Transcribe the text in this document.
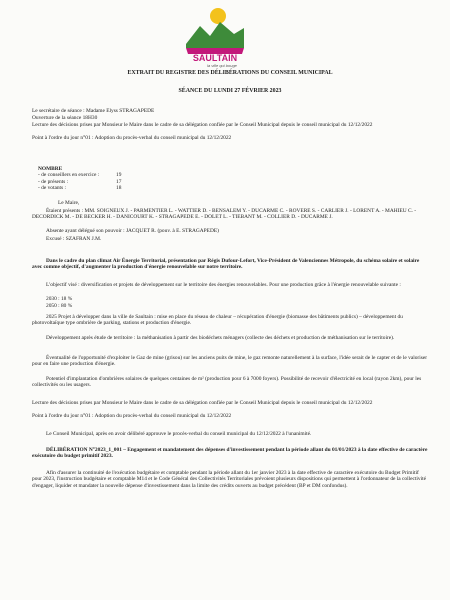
SAULTAIN
la ville qui bouge

EXTRAIT DU REGISTRE DES DÉLIBÉRATIONS DU CONSEIL MUNICIPAL

SÉANCE DU LUNDI 27 FÉVRIER 2023

Le secrétaire de séance : Madame Elyss STRAGAPEDE

Ouverture de la séance 18H30

Lecture des décisions prises par Monsieur le Maire dans le cadre de sa délégation confiée par le Conseil Municipal depuis le conseil municipal du 12/12/2022

Point à l'ordre du jour n°01 : Adoption du procès-verbal du conseil municipal du 12/12/2022

NOMBRE
- de conseillers en exercice :	19
- de présents :	17
- de votants :	18

Le Maire,

Étaient présents : MM. SOIGNEUX J. - PARMENTIER L. - WATTIER D. - BENSALEM Y. - DUCARME C. - ROVERE S. - CARLIER J. - LORENT A. - MAHIEU C. - DECORDICK M. - DE BECKER H. - DANICOURT K. - STRAGAPEDE E. - DOLET L. - TIEBANT M. - COLLIER D. - DUCARME J.

Absente ayant délégué son pouvoir : JACQUET R. (pouv. à E. STRAGAPEDE)

Excusé : SZAFRAN J.M.

Dans le cadre du plan climat Air Énergie Territorial, présentation par Régis Dufour-Lefort, Vice-Président de Valenciennes Métropole, du schéma solaire et solaire avec comme objectif, d'augmenter la production d'énergie renouvelable sur notre territoire.

L'objectif visé : diversification et projets de développement sur le territoire des énergies renouvelables. Pour une production grâce à l'énergie renouvelable suivante :

2030 : 18 %

2050 : 80 %

2025 Projet à développer dans la ville de Saultain : mise en place du réseau de chaleur – récupération d'énergie (biomasse des bâtiments publics) – développement du photovoltaïque type ombrière de parking, stations et production d'énergie.

Développement après étude de territoire : la méthanisation à partir des biodéchets ménagers (collecte des déchets et production de méthanisation sur le territoire).

Éventualité de l'opportunité d'exploiter le Gaz de mine (grisou) sur les anciens puits de mine, le gaz remonte naturellement à la surface, l'idée serait de le capter et de le valoriser pour en faire une production d'énergie.

Potentiel d'implantation d'ombrières solaires de quelques centaines de m² (production pour 6 à 7000 foyers). Possibilité de recevoir d'électricité en local (rayon 2km), pour les collectivités ou les usagers.

Lecture des décisions prises par Monsieur le Maire dans le cadre de sa délégation confiée par le Conseil Municipal depuis le conseil municipal du 12/12/2022

Point à l'ordre du jour n°01 : Adoption du procès-verbal du conseil municipal du 12/12/2022

Le Conseil Municipal, après en avoir délibéré approuve le procès-verbal du conseil municipal du 12/12/2022 à l'unanimité.

DÉLIBÉRATION N°2023_1_001 – Engagement et mandatement des dépenses d'investissement pendant la période allant du 01/01/2023 à la date effective de caractère exécutoire du budget primitif 2023.

Afin d'assurer la continuité de l'exécution budgétaire et comptable pendant la période allant du 1er janvier 2023 à la date effective de caractère exécutoire du Budget Primitif pour 2023, l'instruction budgétaire et comptable M14 et le Code Général des Collectivités Territoriales prévoient plusieurs dispositions qui permettent à l'ordonnateur de la collectivité d'engager, liquider et mandater la nouvelle dépense d'investissement dans la limite des crédits ouverts au budget précédent (BP et DM confondus).
